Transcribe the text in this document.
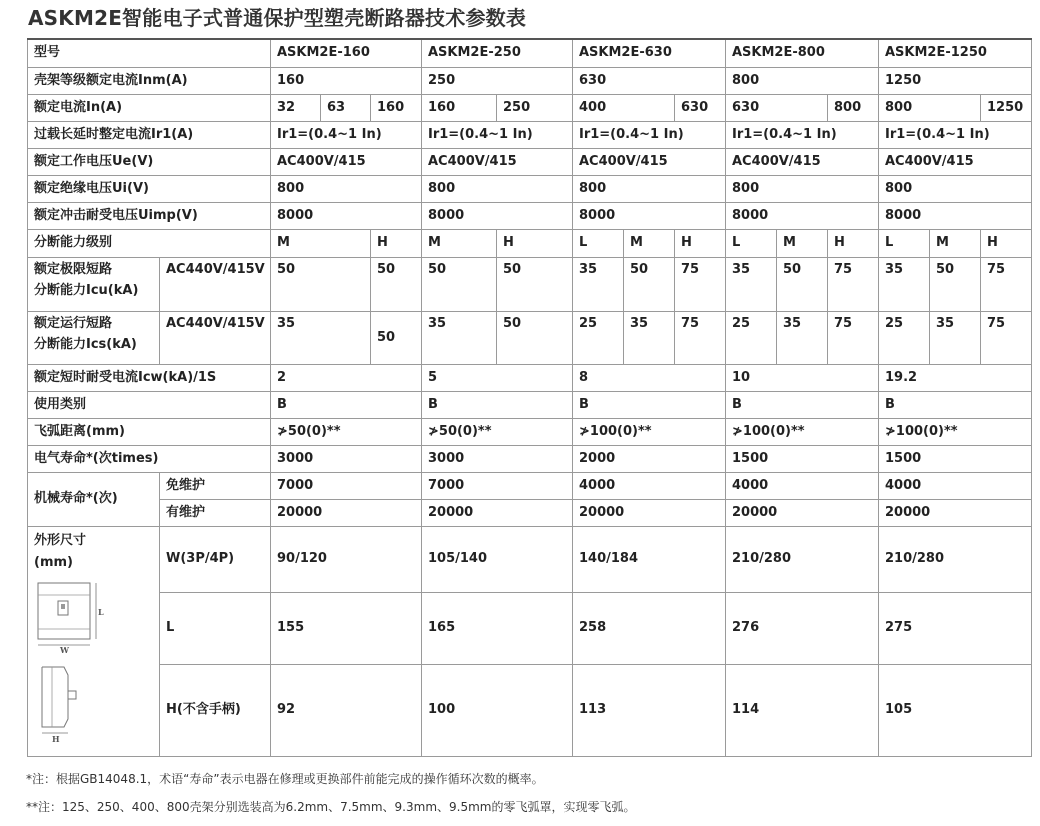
ASKM2E智能电子式普通保护型塑壳断路器技术参数表
型号		ASKM2E-160			ASKM2E-250		ASKM2E-630			ASKM2E-800			ASKM2E-1250		
壳架等级额定电流Inm(A)		160			250		630			800			1250		
额定电流In(A)		32	63	160	160	250	400		630	630		800	800		1250
过载长延时整定电流Ir1(A)		Ir1=(0.4~1 In)			Ir1=(0.4~1 In)		Ir1=(0.4~1 In)			Ir1=(0.4~1 In)			Ir1=(0.4~1 In)		
额定工作电压Ue(V)		AC400V/415			AC400V/415		AC400V/415			AC400V/415			AC400V/415		
额定绝缘电压Ui(V)		800			800		800			800			800		
额定冲击耐受电压Uimp(V)		8000			8000		8000			8000			8000		
分断能力级别		M		H	M	H	L	M	H	L	M	H	L	M	H

额定极限短路
分断能力Icu(kA)	AC440V/415V	50		50	50	50	35	50	75	35	50	75	35	50	75

额定运行短路
分断能力Ics(kA)	AC440V/415V	35		50	35	50	25	35	75	25	35	75	25	35	75
额定短时耐受电流Icw(kA)/1S		2			5		8			10			19.2		
使用类别		B			B		B			B			B		
飞弧距离(mm)		≯50(0)**			≯50(0)**		≯100(0)**			≯100(0)**			≯100(0)**		
电气寿命*(次times)		3000			3000		2000			1500			1500		
机械寿命*(次)	免维护	7000			7000		4000			4000			4000		
	有维护	20000			20000		20000			20000			20000		

外形尺寸
(mm)
L
W
H	W(3P/4P)	90/120			105/140		140/184			210/280			210/280		
	L	155			165		258			276			275		
	H(不含手柄)	92			100		113			114			105		
*注：根据GB14048.1，术语“寿命”表示电器在修理或更换部件前能完成的操作循环次数的概率。
**注：125、250、400、800壳架分别选装高为6.2mm、7.5mm、9.3mm、9.5mm的零飞弧罩，实现零飞弧。
